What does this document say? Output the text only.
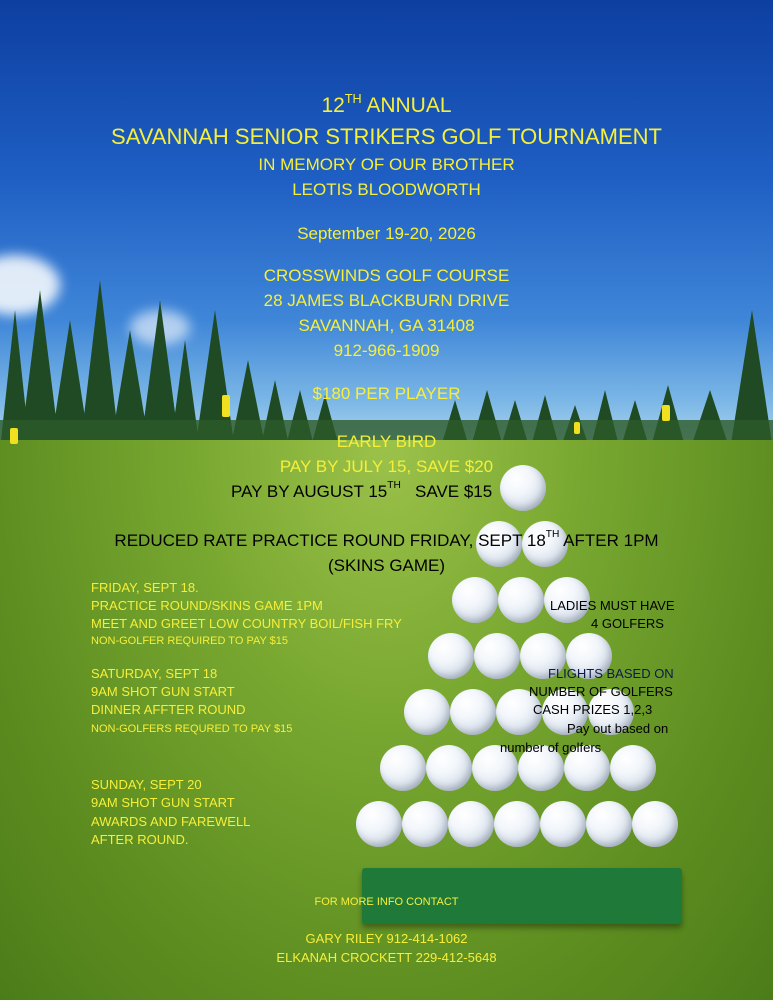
12TH ANNUAL
SAVANNAH SENIOR STRIKERS GOLF TOURNAMENT
IN MEMORY OF OUR BROTHER
LEOTIS BLOODWORTH
September 19-20, 2026
CROSSWINDS GOLF COURSE
28 JAMES BLACKBURN DRIVE
SAVANNAH, GA 31408
912-966-1909
$180 PER PLAYER
EARLY BIRD
PAY BY JULY 15, SAVE $20
PAY BY AUGUST 15TH SAVE $15
REDUCED RATE PRACTICE ROUND FRIDAY, SEPT 18TH AFTER 1PM
(SKINS GAME)
FRIDAY, SEPT 18.
PRACTICE ROUND/SKINS GAME 1PM
MEET AND GREET LOW COUNTRY BOIL/FISH FRY
NON-GOLFER REQUIRED TO PAY $15
LADIES MUST HAVE
4 GOLFERS
SATURDAY, SEPT 18
9AM SHOT GUN START
DINNER AFFTER ROUND
NON-GOLFERS REQURED TO PAY $15
FLIGHTS BASED ON
NUMBER OF GOLFERS
CASH PRIZES 1,2,3
Pay out based on
number of golfers
SUNDAY, SEPT 20
9AM SHOT GUN START
AWARDS AND FAREWELL
AFTER ROUND.
FOR MORE INFO CONTACT
GARY RILEY 912-414-1062
ELKANAH CROCKETT 229-412-5648
